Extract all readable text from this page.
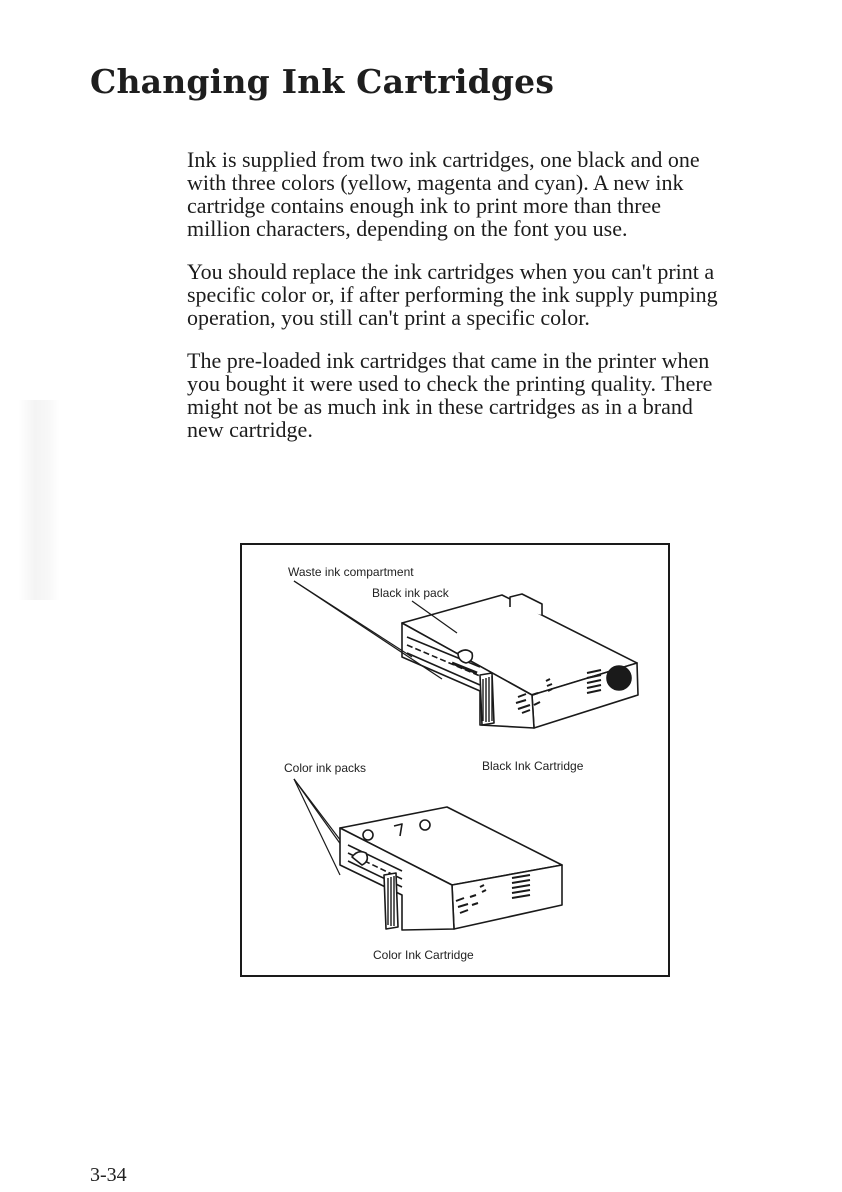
Changing Ink Cartridges

Ink is supplied from two ink cartridges, one black and one with three colors (yellow, magenta and cyan). A new ink cartridge contains enough ink to print more than three million characters, depending on the font you use.

You should replace the ink cartridges when you can't print a specific color or, if after performing the ink supply pumping operation, you still can't print a specific color.

The pre-loaded ink cartridges that came in the printer when you bought it were used to check the printing quality. There might not be as much ink in these cartridges as in a brand new cartridge.

Waste ink compartment
Black ink pack
Color ink packs	Black Ink Cartridge
Color Ink Cartridge
3-34
